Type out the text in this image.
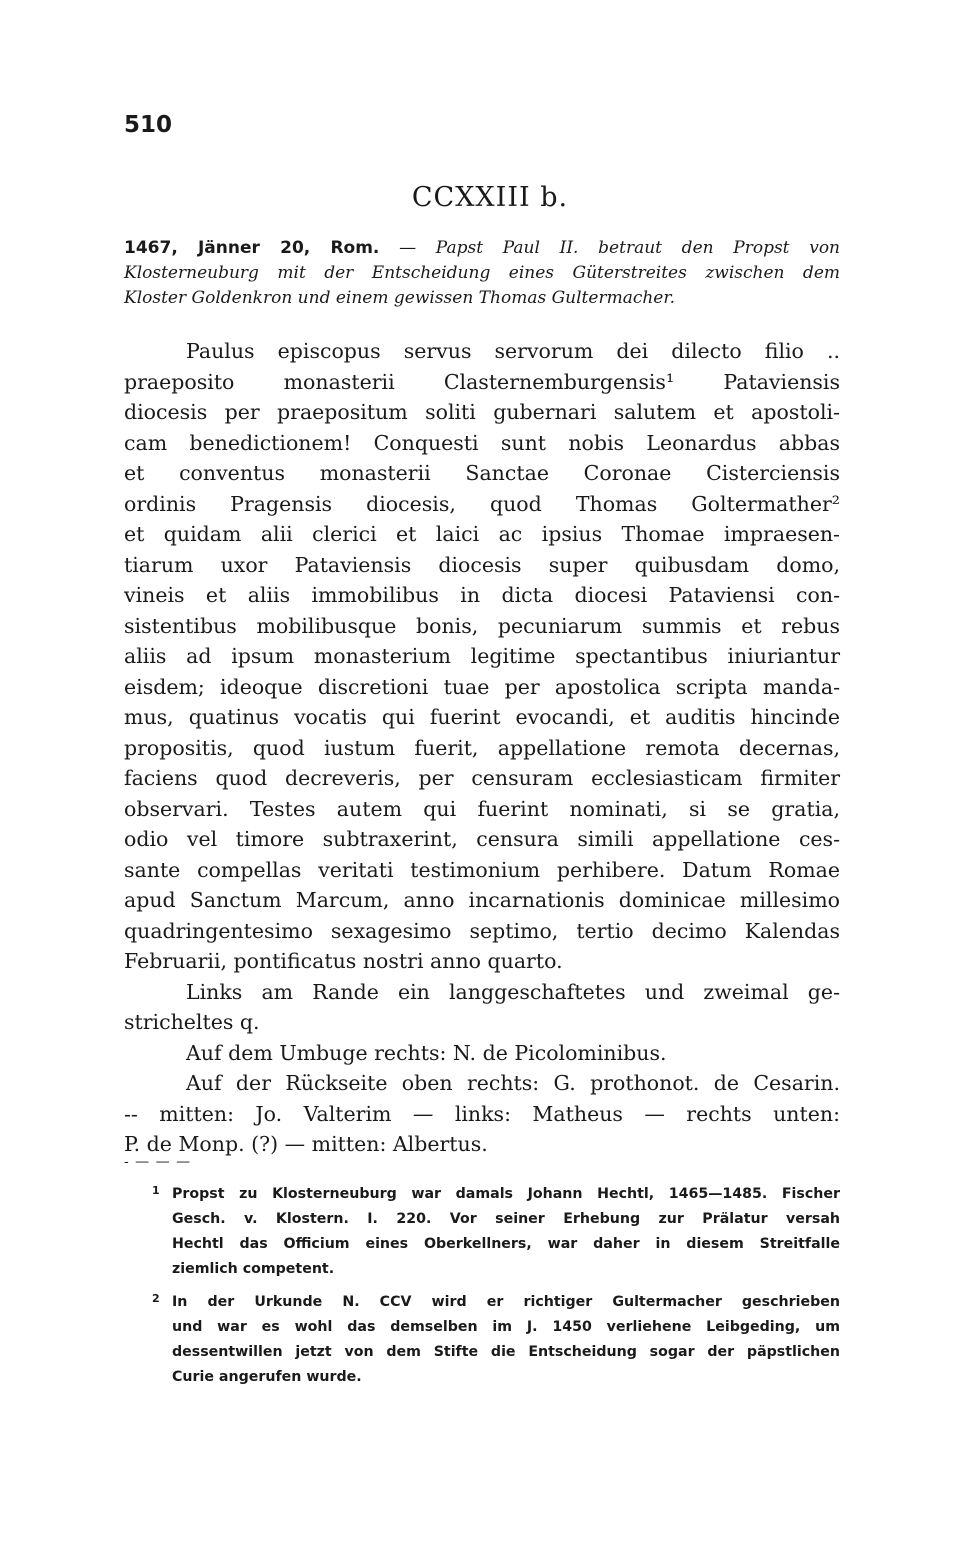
510
CCXXIII b.
1467, Jänner 20, Rom. — Papst Paul II. betraut den Propst von
Klosterneuburg mit der Entscheidung eines Güterstreites zwischen dem
Kloster Goldenkron und einem gewissen Thomas Gultermacher.
Paulus episcopus servus servorum dei dilecto filio ..
praeposito monasterii Clasternemburgensis¹ Pataviensis
diocesis per praepositum soliti gubernari salutem et apostoli-
cam benedictionem! Conquesti sunt nobis Leonardus abbas
et conventus monasterii Sanctae Coronae Cisterciensis
ordinis Pragensis diocesis, quod Thomas Goltermather²
et quidam alii clerici et laici ac ipsius Thomae impraesen-
tiarum uxor Pataviensis diocesis super quibusdam domo,
vineis et aliis immobilibus in dicta diocesi Pataviensi con-
sistentibus mobilibusque bonis, pecuniarum summis et rebus
aliis ad ipsum monasterium legitime spectantibus iniuriantur
eisdem; ideoque discretioni tuae per apostolica scripta manda-
mus, quatinus vocatis qui fuerint evocandi, et auditis hincinde
propositis, quod iustum fuerit, appellatione remota decernas,
faciens quod decreveris, per censuram ecclesiasticam firmiter
observari. Testes autem qui fuerint nominati, si se gratia,
odio vel timore subtraxerint, censura simili appellatione ces-
sante compellas veritati testimonium perhibere. Datum Romae
apud Sanctum Marcum, anno incarnationis dominicae millesimo
quadringentesimo sexagesimo septimo, tertio decimo Kalendas
Februarii, pontificatus nostri anno quarto.
Links am Rande ein langgeschaftetes und zweimal ge-
stricheltes q.
Auf dem Umbuge rechts: N. de Picolominibus.
Auf der Rückseite oben rechts: G. prothonot. de Cesarin.
-- mitten: Jo. Valterim — links: Matheus — rechts unten:
P. de Monp. (?) — mitten: Albertus.
- — — —
1 Propst zu Klosterneuburg war damals Johann Hechtl, 1465—1485. Fischer
Gesch. v. Klostern. I. 220. Vor seiner Erhebung zur Prälatur versah
Hechtl das Officium eines Oberkellners, war daher in diesem Streitfalle
ziemlich competent.
2 In der Urkunde N. CCV wird er richtiger Gultermacher geschrieben
und war es wohl das demselben im J. 1450 verliehene Leibgeding, um
dessentwillen jetzt von dem Stifte die Entscheidung sogar der päpstlichen
Curie angerufen wurde.
